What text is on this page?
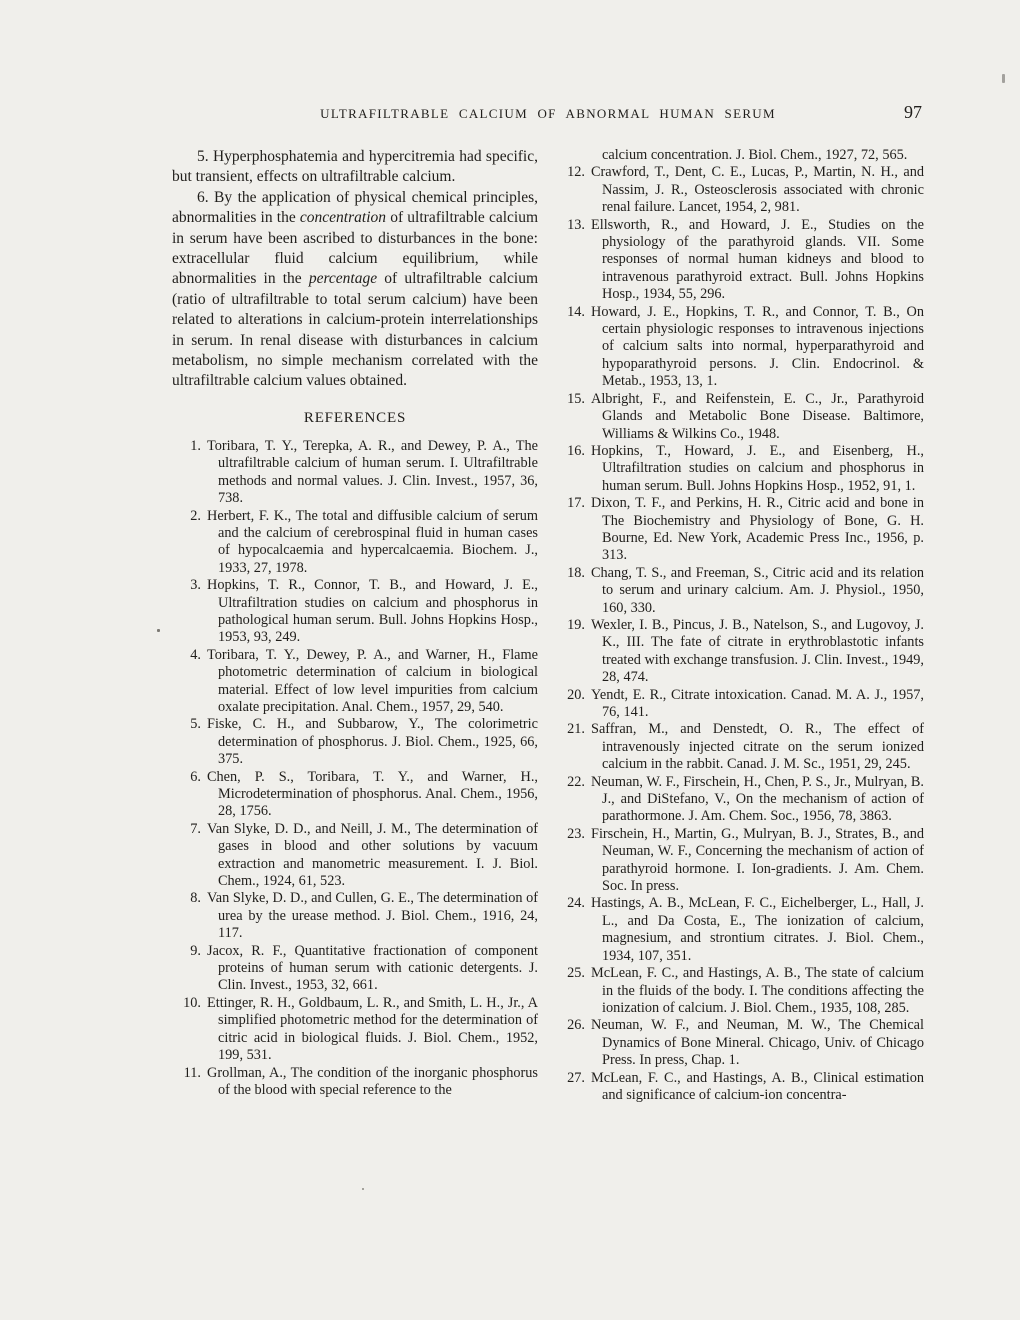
ULTRAFILTRABLE CALCIUM OF ABNORMAL HUMAN SERUM	97

5. Hyperphosphatemia and hypercitremia had specific, but transient, effects on ultrafiltrable calcium.

6. By the application of physical chemical principles, abnormalities in the concentration of ultrafiltrable calcium in serum have been ascribed to disturbances in the bone: extracellular fluid calcium equilibrium, while abnormalities in the percentage of ultrafiltrable calcium (ratio of ultrafiltrable to total serum calcium) have been related to alterations in calcium-protein interrelationships in serum. In renal disease with disturbances in calcium metabolism, no simple mechanism correlated with the ultrafiltrable calcium values obtained.

REFERENCES
1. Toribara, T. Y., Terepka, A. R., and Dewey, P. A., The ultrafiltrable calcium of human serum. I. Ultrafiltrable methods and normal values. J. Clin. Invest., 1957, 36, 738.
2. Herbert, F. K., The total and diffusible calcium of serum and the calcium of cerebrospinal fluid in human cases of hypocalcaemia and hypercalcaemia. Biochem. J., 1933, 27, 1978.
3. Hopkins, T. R., Connor, T. B., and Howard, J. E., Ultrafiltration studies on calcium and phosphorus in pathological human serum. Bull. Johns Hopkins Hosp., 1953, 93, 249.
4. Toribara, T. Y., Dewey, P. A., and Warner, H., Flame photometric determination of calcium in biological material. Effect of low level impurities from calcium oxalate precipitation. Anal. Chem., 1957, 29, 540.
5. Fiske, C. H., and Subbarow, Y., The colorimetric determination of phosphorus. J. Biol. Chem., 1925, 66, 375.
6. Chen, P. S., Toribara, T. Y., and Warner, H., Microdetermination of phosphorus. Anal. Chem., 1956, 28, 1756.
7. Van Slyke, D. D., and Neill, J. M., The determination of gases in blood and other solutions by vacuum extraction and manometric measurement. I. J. Biol. Chem., 1924, 61, 523.
8. Van Slyke, D. D., and Cullen, G. E., The determination of urea by the urease method. J. Biol. Chem., 1916, 24, 117.
9. Jacox, R. F., Quantitative fractionation of component proteins of human serum with cationic detergents. J. Clin. Invest., 1953, 32, 661.
10. Ettinger, R. H., Goldbaum, L. R., and Smith, L. H., Jr., A simplified photometric method for the determination of citric acid in biological fluids. J. Biol. Chem., 1952, 199, 531.
11. Grollman, A., The condition of the inorganic phosphorus of the blood with special reference to the
calcium concentration. J. Biol. Chem., 1927, 72, 565.
12. Crawford, T., Dent, C. E., Lucas, P., Martin, N. H., and Nassim, J. R., Osteosclerosis associated with chronic renal failure. Lancet, 1954, 2, 981.
13. Ellsworth, R., and Howard, J. E., Studies on the physiology of the parathyroid glands. VII. Some responses of normal human kidneys and blood to intravenous parathyroid extract. Bull. Johns Hopkins Hosp., 1934, 55, 296.
14. Howard, J. E., Hopkins, T. R., and Connor, T. B., On certain physiologic responses to intravenous injections of calcium salts into normal, hyperparathyroid and hypoparathyroid persons. J. Clin. Endocrinol. & Metab., 1953, 13, 1.
15. Albright, F., and Reifenstein, E. C., Jr., Parathyroid Glands and Metabolic Bone Disease. Baltimore, Williams & Wilkins Co., 1948.
16. Hopkins, T., Howard, J. E., and Eisenberg, H., Ultrafiltration studies on calcium and phosphorus in human serum. Bull. Johns Hopkins Hosp., 1952, 91, 1.
17. Dixon, T. F., and Perkins, H. R., Citric acid and bone in The Biochemistry and Physiology of Bone, G. H. Bourne, Ed. New York, Academic Press Inc., 1956, p. 313.
18. Chang, T. S., and Freeman, S., Citric acid and its relation to serum and urinary calcium. Am. J. Physiol., 1950, 160, 330.
19. Wexler, I. B., Pincus, J. B., Natelson, S., and Lugovoy, J. K., III. The fate of citrate in erythroblastotic infants treated with exchange transfusion. J. Clin. Invest., 1949, 28, 474.
20. Yendt, E. R., Citrate intoxication. Canad. M. A. J., 1957, 76, 141.
21. Saffran, M., and Denstedt, O. R., The effect of intravenously injected citrate on the serum ionized calcium in the rabbit. Canad. J. M. Sc., 1951, 29, 245.
22. Neuman, W. F., Firschein, H., Chen, P. S., Jr., Mulryan, B. J., and DiStefano, V., On the mechanism of action of parathormone. J. Am. Chem. Soc., 1956, 78, 3863.
23. Firschein, H., Martin, G., Mulryan, B. J., Strates, B., and Neuman, W. F., Concerning the mechanism of action of parathyroid hormone. I. Ion-gradients. J. Am. Chem. Soc. In press.
24. Hastings, A. B., McLean, F. C., Eichelberger, L., Hall, J. L., and Da Costa, E., The ionization of calcium, magnesium, and strontium citrates. J. Biol. Chem., 1934, 107, 351.
25. McLean, F. C., and Hastings, A. B., The state of calcium in the fluids of the body. I. The conditions affecting the ionization of calcium. J. Biol. Chem., 1935, 108, 285.
26. Neuman, W. F., and Neuman, M. W., The Chemical Dynamics of Bone Mineral. Chicago, Univ. of Chicago Press. In press, Chap. 1.
27. McLean, F. C., and Hastings, A. B., Clinical estimation and significance of calcium-ion concentra-
